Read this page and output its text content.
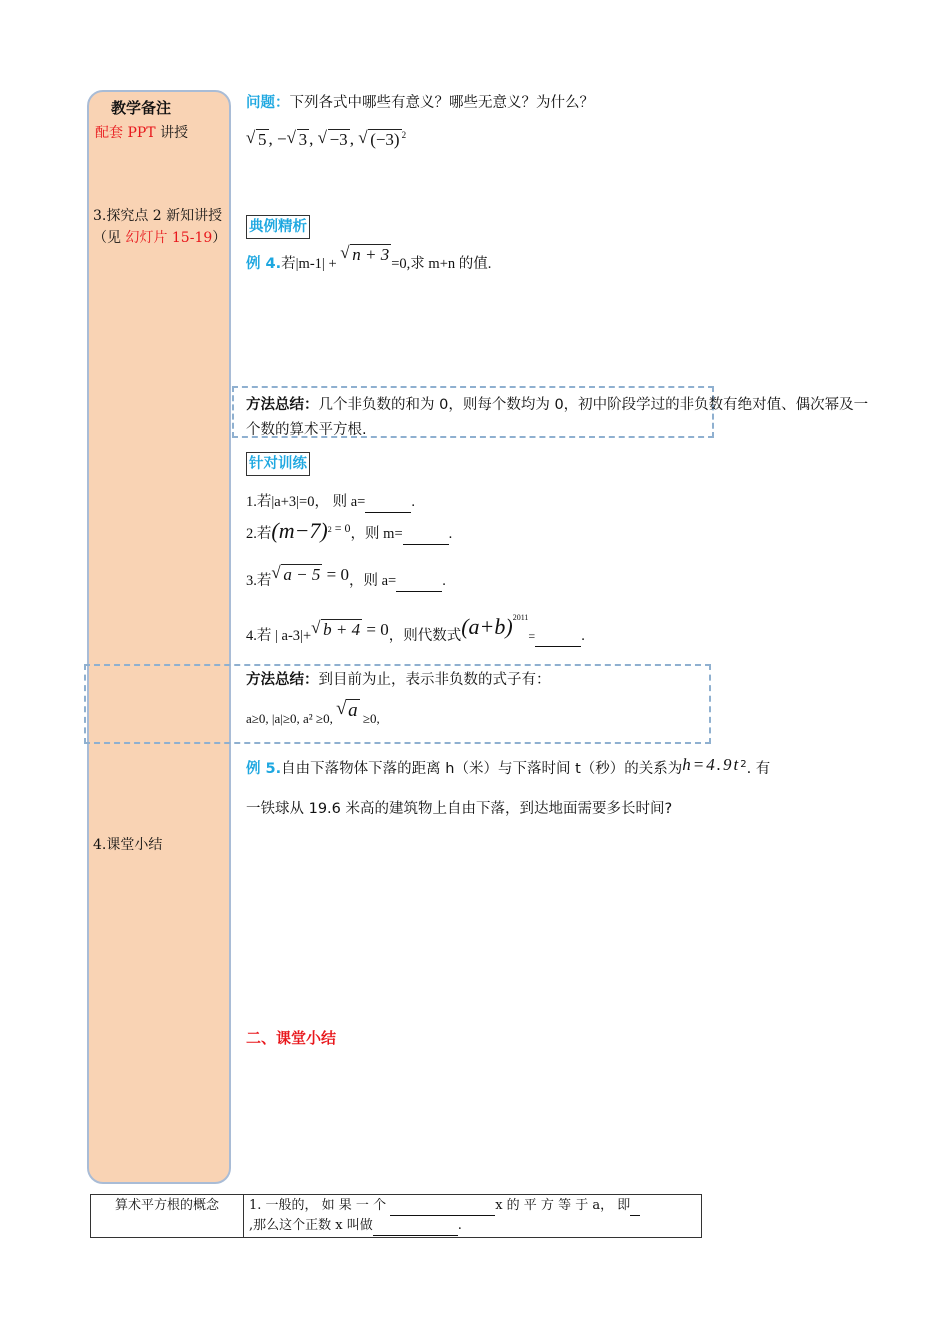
教学备注
配套 PPT 讲授
3.探究点 2 新知讲授
（见 幻灯片 15-19）
4.课堂小结
问题：下列各式中哪些有意义？哪些无意义？为什么？
√ 5 , − √ 3 , √ −3 , √ (−3) $^2$
典例精析
例 4.若|m-1| + √ n + 3 =0,求 m+n 的值.
方法总结：几个非负数的和为 0，则每个数均为 0，初中阶段学过的非负数有绝对值、偶次幂及一个数的算术平方根.
针对训练
1.若|a+3|=0， 则 a=	.
2.若$(m-7)^2$ $^{= 0}$，则 m=	.
3.若 √ a − 5 = 0，则 a=	.
4.若 | a-3|+ √ b + 4 = 0，则代数式$(a+b)^{2011}=$	.
方法总结：到目前为止，表示非负数的式子有：
a≥0, |a|≥0, a² ≥0, √ a ≥0,
例 5.自由下落物体下落的距离 h（米）与下落时间 t（秒）的关系为$h=4.9t^2$. 有
一铁球从 19.6 米高的建筑物上自由下落，到达地面需要多长时间?
二、课堂小结
算术平方根的概念	1. 一般的， 如 果 一 个	x 的 平 方 等 于 a， 即
,那么这个正数 x 叫做	.
